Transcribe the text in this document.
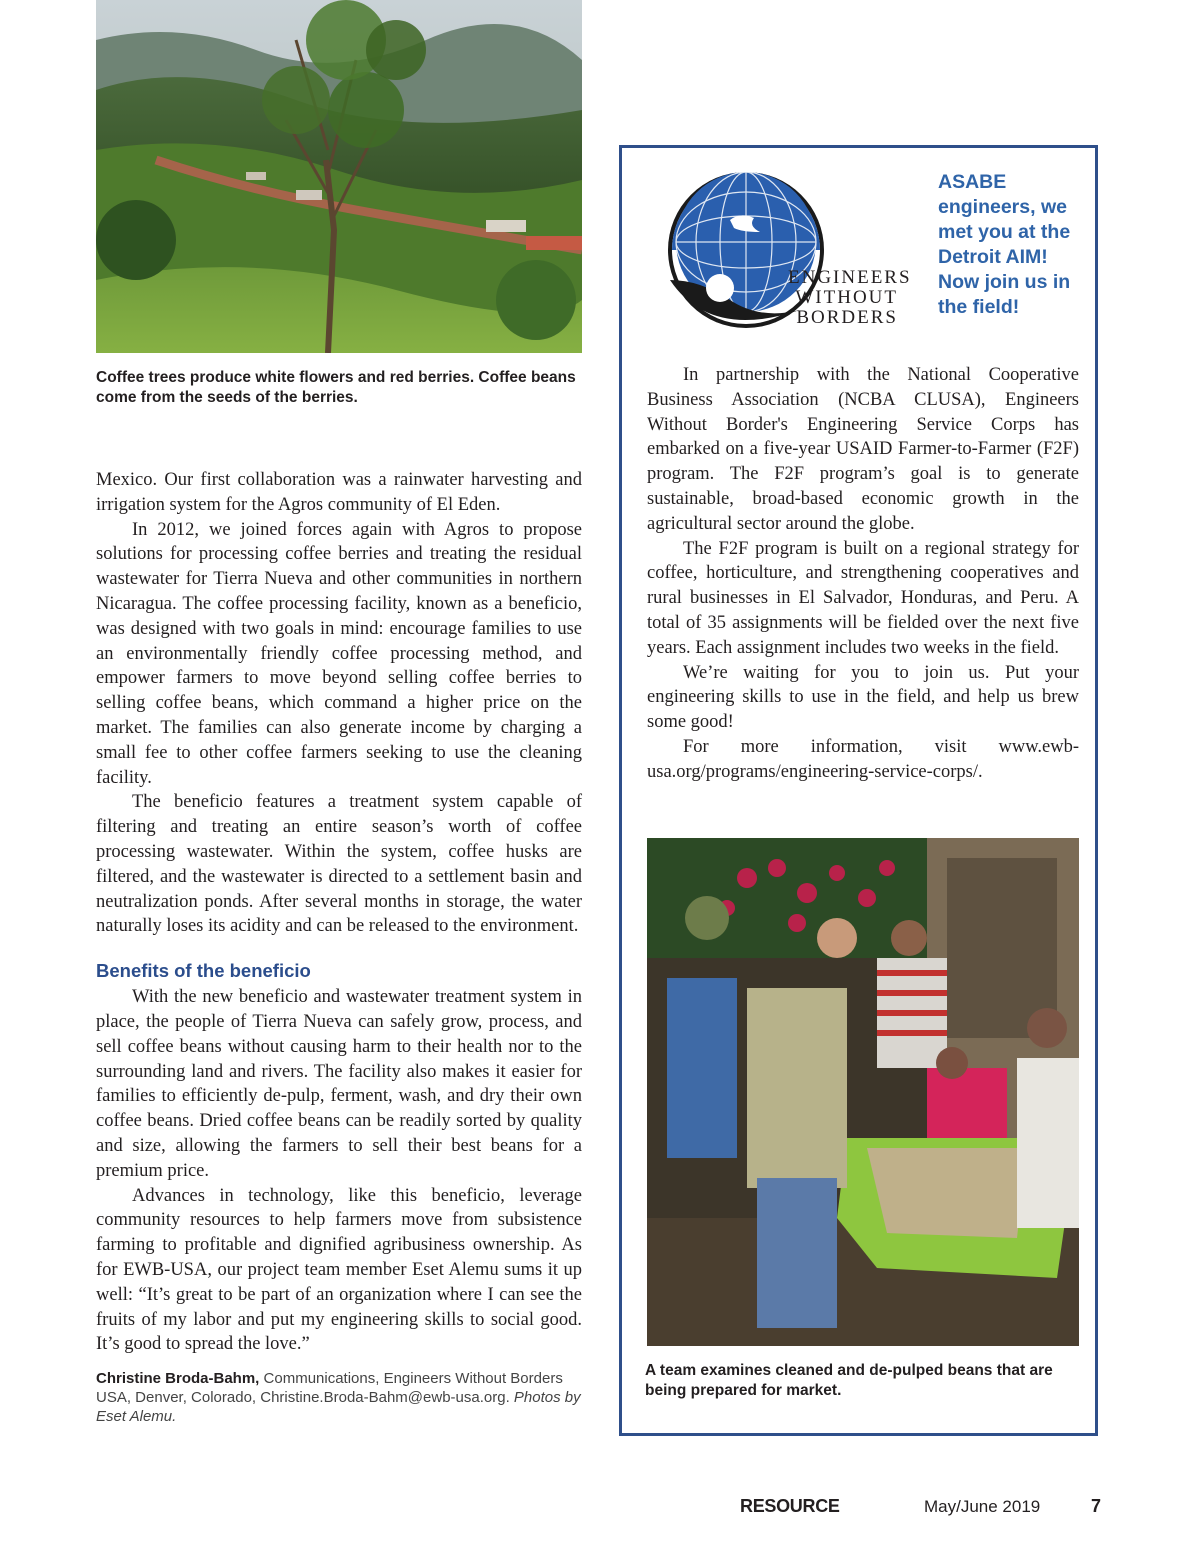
Coffee trees produce white flowers and red berries. Coffee beans come from the seeds of the berries.

Mexico. Our first collaboration was a rainwater harvesting and irrigation system for the Agros community of El Eden.

In 2012, we joined forces again with Agros to propose solutions for processing coffee berries and treating the residual wastewater for Tierra Nueva and other communities in northern Nicaragua. The coffee processing facility, known as a beneficio, was designed with two goals in mind: encourage families to use an environmentally friendly coffee processing method, and empower farmers to move beyond selling coffee berries to selling coffee beans, which command a higher price on the market. The families can also generate income by charging a small fee to other coffee farmers seeking to use the cleaning facility.

The beneficio features a treatment system capable of filtering and treating an entire season’s worth of coffee processing wastewater. Within the system, coffee husks are filtered, and the wastewater is directed to a settlement basin and neutralization ponds. After several months in storage, the water naturally loses its acidity and can be released to the environment.

Benefits of the beneficio

With the new beneficio and wastewater treatment system in place, the people of Tierra Nueva can safely grow, process, and sell coffee beans without causing harm to their health nor to the surrounding land and rivers. The facility also makes it easier for families to efficiently de-pulp, ferment, wash, and dry their own coffee beans. Dried coffee beans can be readily sorted by quality and size, allowing the farmers to sell their best beans for a premium price.

Advances in technology, like this beneficio, leverage community resources to help farmers move from subsistence farming to profitable and dignified agribusiness ownership. As for EWB-USA, our project team member Eset Alemu sums it up well: “It’s great to be part of an organization where I can see the fruits of my labor and put my engineering skills to social good. It’s good to spread the love.”

Christine Broda-Bahm, Communications, Engineers Without Borders USA, Denver, Colorado, Christine.Broda-Bahm@ewb-usa.org. Photos by Eset Alemu.
ENGINEERS
WITHOUT
BORDERS
ASABE engineers, we met you at the Detroit AIM! Now join us in the field!

In partnership with the National Cooperative Business Association (NCBA CLUSA), Engineers Without Border's Engineering Service Corps has embarked on a five-year USAID Farmer-to-Farmer (F2F) program. The F2F program’s goal is to generate sustainable, broad-based economic growth in the agricultural sector around the globe.

The F2F program is built on a regional strategy for coffee, horticulture, and strengthening cooperatives and rural businesses in El Salvador, Honduras, and Peru. A total of 35 assignments will be fielded over the next five years. Each assignment includes two weeks in the field.

We’re waiting for you to join us. Put your engineering skills to use in the field, and help us brew some good!

For more information, visit www.ewb-usa.org/programs/engineering-service-corps/.

A team examines cleaned and de-pulped beans that are being prepared for market.
RESOURCE	May/June 2019	7
